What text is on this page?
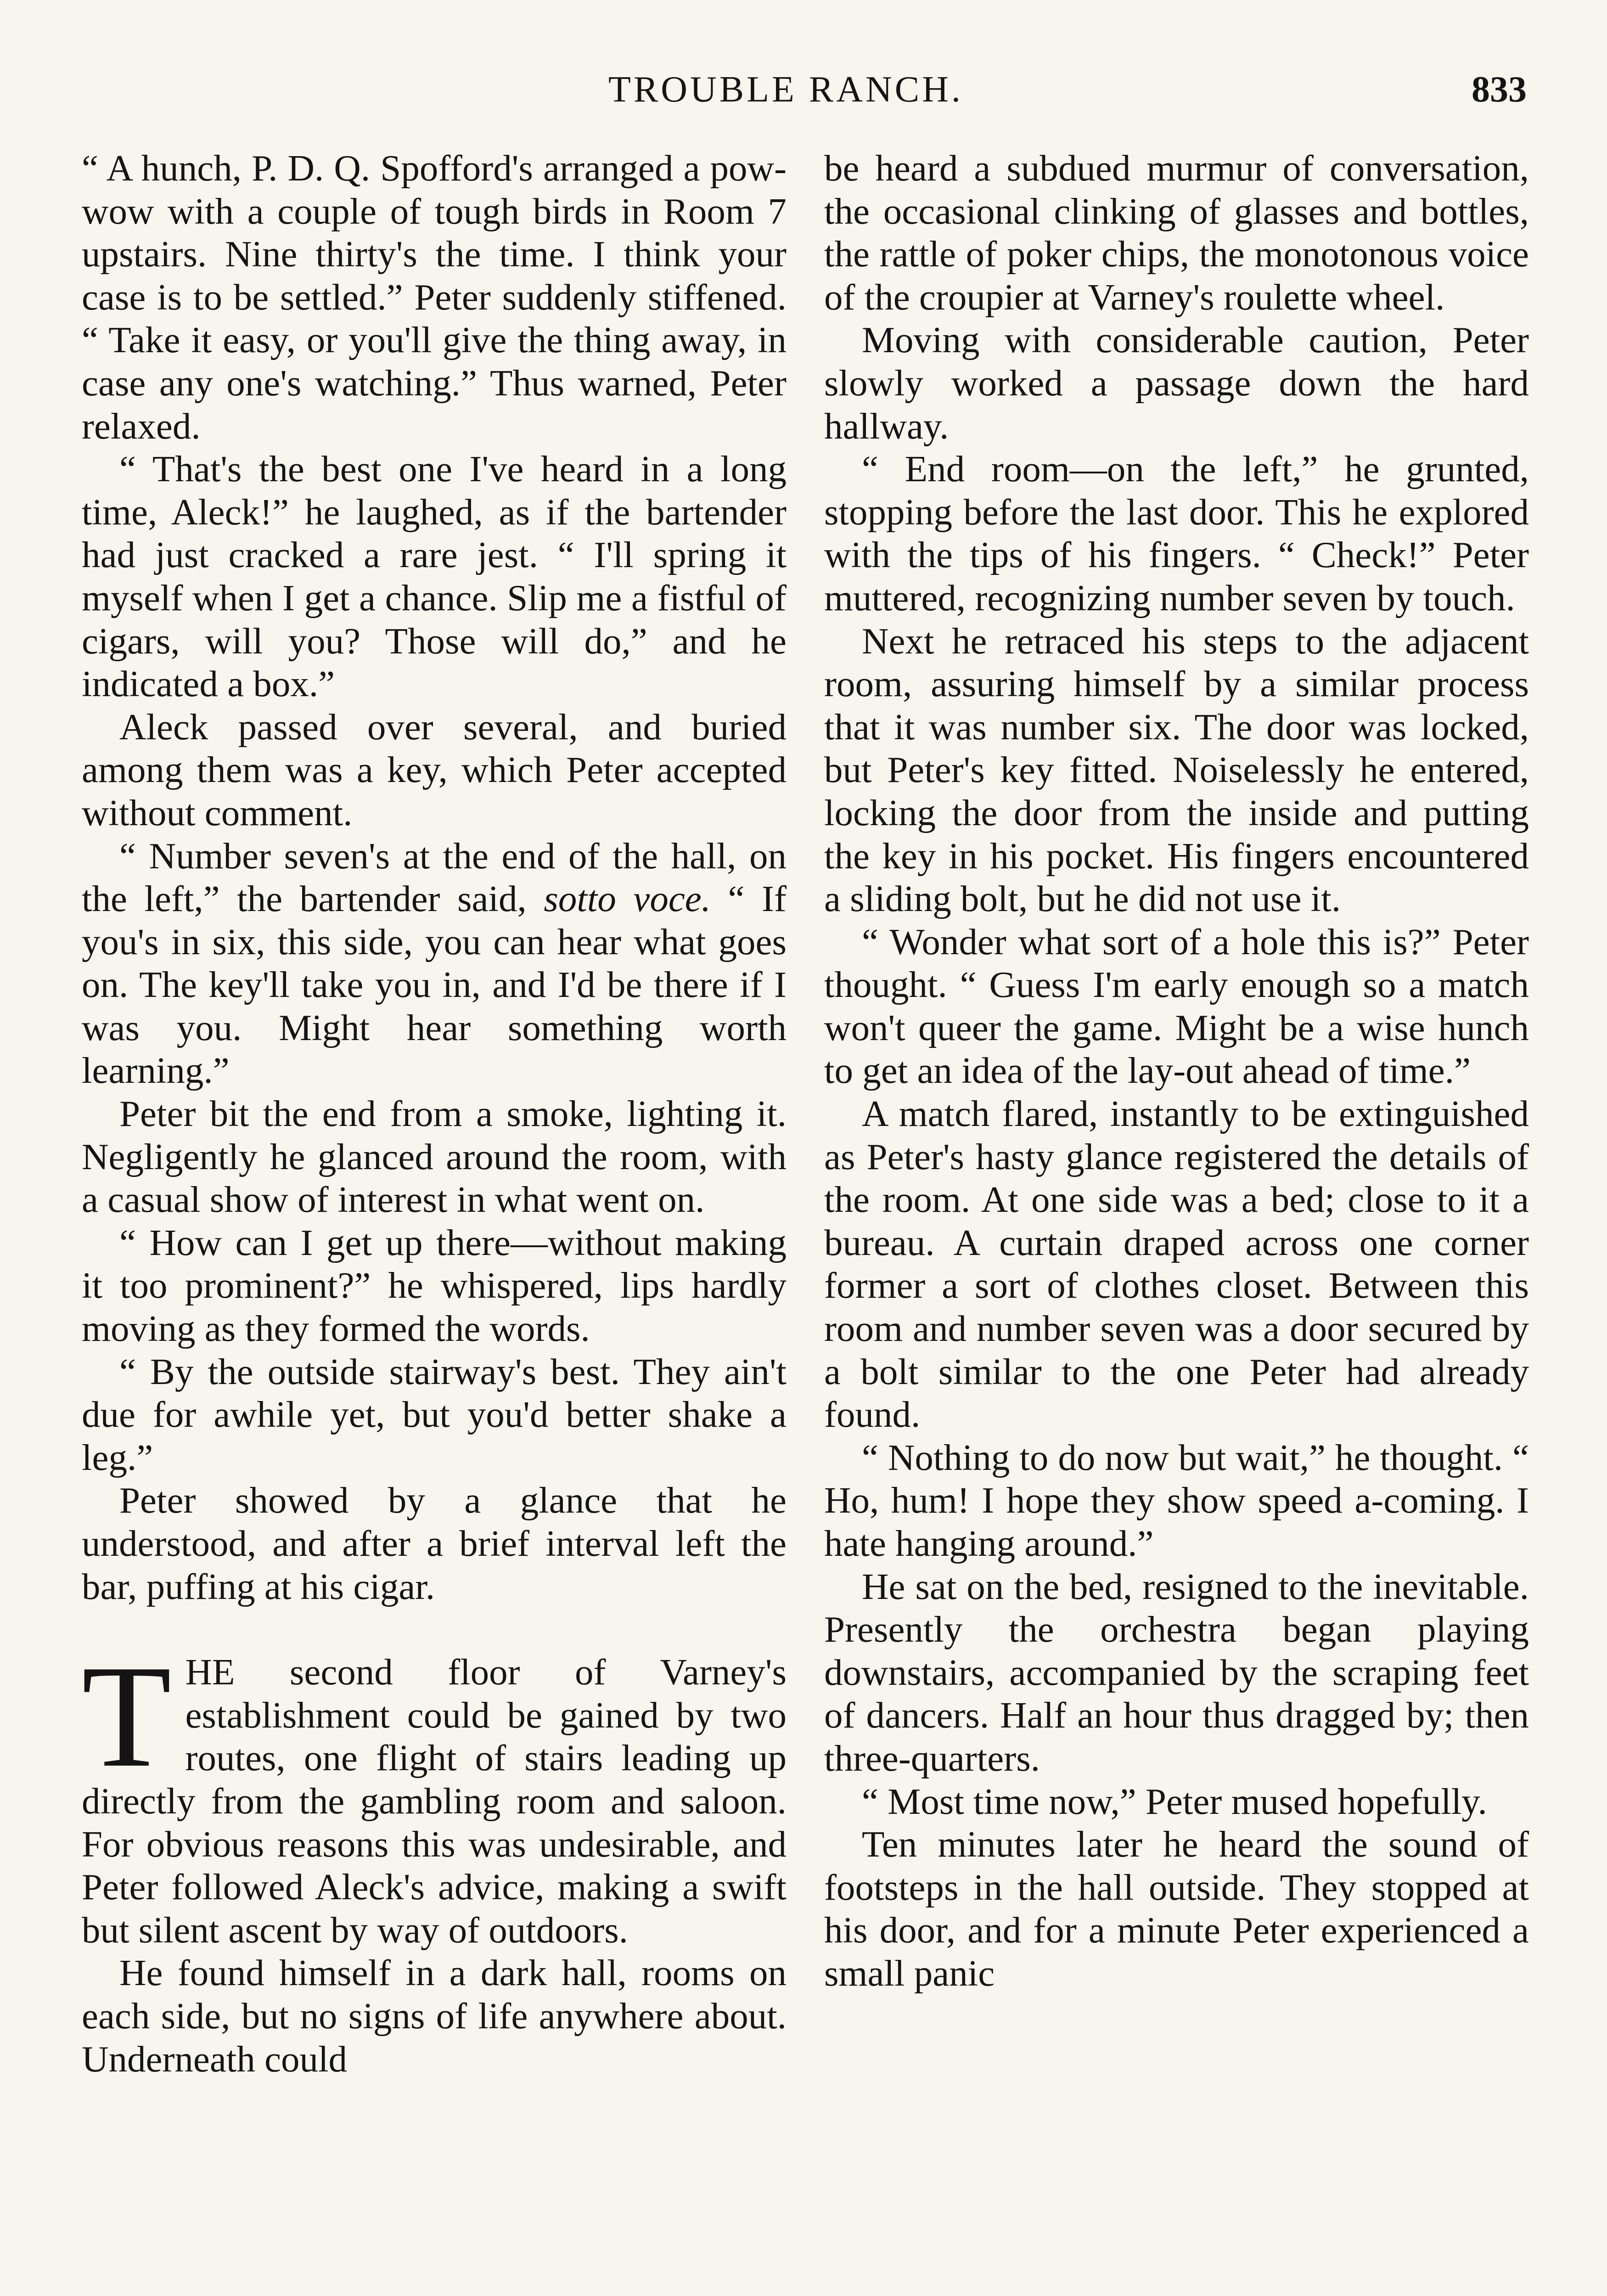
TROUBLE RANCH.	833

“ A hunch, P. D. Q. Spofford's arranged a pow-wow with a couple of tough birds in Room 7 upstairs. Nine thirty's the time. I think your case is to be settled.” Peter suddenly stiffened. “ Take it easy, or you'll give the thing away, in case any one's watching.” Thus warned, Peter relaxed.

“ That's the best one I've heard in a long time, Aleck!” he laughed, as if the bartender had just cracked a rare jest. “ I'll spring it myself when I get a chance. Slip me a fistful of cigars, will you? Those will do,” and he indicated a box.”

Aleck passed over several, and buried among them was a key, which Peter accepted without comment.

“ Number seven's at the end of the hall, on the left,” the bartender said, sotto voce. “ If you's in six, this side, you can hear what goes on. The key'll take you in, and I'd be there if I was you. Might hear something worth learning.”

Peter bit the end from a smoke, lighting it. Negligently he glanced around the room, with a casual show of interest in what went on.

“ How can I get up there—without making it too prominent?” he whispered, lips hardly moving as they formed the words.

“ By the outside stairway's best. They ain't due for awhile yet, but you'd better shake a leg.”

Peter showed by a glance that he understood, and after a brief interval left the bar, puffing at his cigar.

THE second floor of Varney's establishment could be gained by two routes, one flight of stairs leading up directly from the gambling room and saloon. For obvious reasons this was undesirable, and Peter followed Aleck's advice, making a swift but silent ascent by way of outdoors.

He found himself in a dark hall, rooms on each side, but no signs of life anywhere about. Underneath could

be heard a subdued murmur of conversation, the occasional clinking of glasses and bottles, the rattle of poker chips, the monotonous voice of the croupier at Varney's roulette wheel.

Moving with considerable caution, Peter slowly worked a passage down the hard hallway.

“ End room—on the left,” he grunted, stopping before the last door. This he explored with the tips of his fingers. “ Check!” Peter muttered, recognizing number seven by touch.

Next he retraced his steps to the adjacent room, assuring himself by a similar process that it was number six. The door was locked, but Peter's key fitted. Noiselessly he entered, locking the door from the inside and putting the key in his pocket. His fingers encountered a sliding bolt, but he did not use it.

“ Wonder what sort of a hole this is?” Peter thought. “ Guess I'm early enough so a match won't queer the game. Might be a wise hunch to get an idea of the lay-out ahead of time.”

A match flared, instantly to be extinguished as Peter's hasty glance registered the details of the room. At one side was a bed; close to it a bureau. A curtain draped across one corner former a sort of clothes closet. Between this room and number seven was a door secured by a bolt similar to the one Peter had already found.

“ Nothing to do now but wait,” he thought. “ Ho, hum! I hope they show speed a-coming. I hate hanging around.”

He sat on the bed, resigned to the inevitable. Presently the orchestra began playing downstairs, accompanied by the scraping feet of dancers. Half an hour thus dragged by; then three-quarters.

“ Most time now,” Peter mused hopefully.

Ten minutes later he heard the sound of footsteps in the hall outside. They stopped at his door, and for a minute Peter experienced a small panic
